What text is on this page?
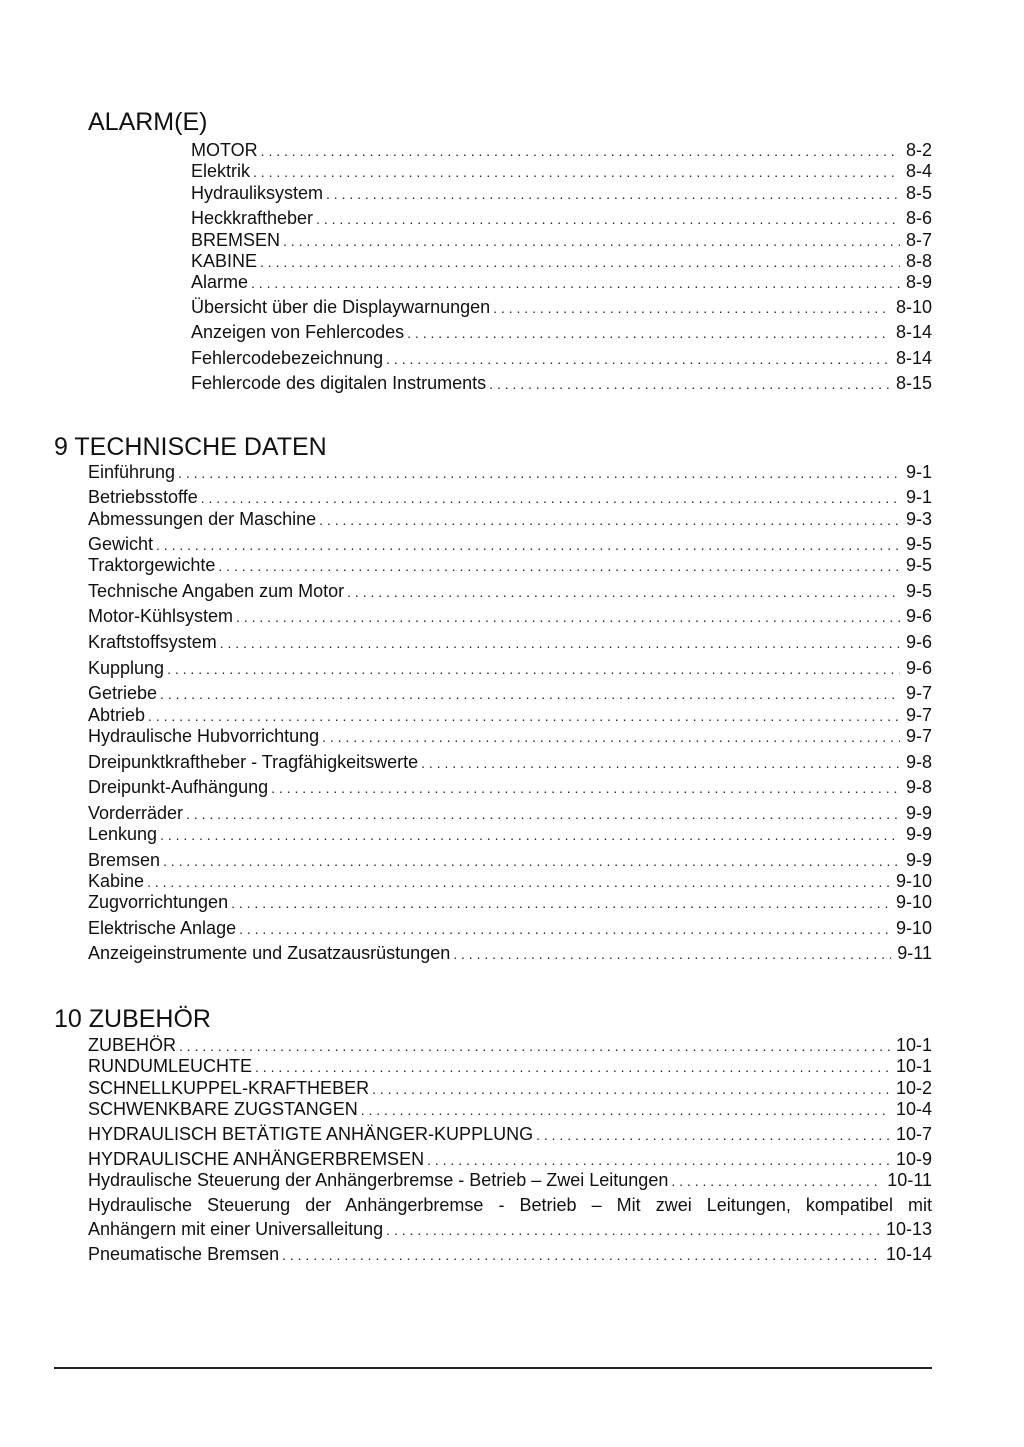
ALARM(E)
MOTOR . . .	8-2
Elektrik . . .	8-4
Hydrauliksystem . . .	8-5
Heckkraftheber . . .	8-6
BREMSEN . . .	8-7
KABINE . . .	8-8
Alarme . . .	8-9
Übersicht über die Displaywarnungen . . .	8-10
Anzeigen von Fehlercodes . . .	8-14
Fehlercodebezeichnung . . .	8-14
Fehlercode des digitalen Instruments . . .	8-15
9 TECHNISCHE DATEN
Einführung . . .	9-1
Betriebsstoffe . . .	9-1
Abmessungen der Maschine . . .	9-3
Gewicht . . .	9-5
Traktorgewichte . . .	9-5
Technische Angaben zum Motor . . .	9-5
Motor-Kühlsystem . . .	9-6
Kraftstoffsystem . . .	9-6
Kupplung . . .	9-6
Getriebe . . .	9-7
Abtrieb . . .	9-7
Hydraulische Hubvorrichtung . . .	9-7
Dreipunktkraftheber - Tragfähigkeitswerte . . .	9-8
Dreipunkt-Aufhängung . . .	9-8
Vorderräder . . .	9-9
Lenkung . . .	9-9
Bremsen . . .	9-9
Kabine . . .	9-10
Zugvorrichtungen . . .	9-10
Elektrische Anlage . . .	9-10
Anzeigeinstrumente und Zusatzausrüstungen . . .	9-11
10 ZUBEHÖR
ZUBEHÖR . . .	10-1
RUNDUMLEUCHTE . . .	10-1
SCHNELLKUPPEL-KRAFTHEBER . . .	10-2
SCHWENKBARE ZUGSTANGEN . . .	10-4
HYDRAULISCH BETÄTIGTE ANHÄNGER-KUPPLUNG . . .	10-7
HYDRAULISCHE ANHÄNGERBREMSEN . . .	10-9
Hydraulische Steuerung der Anhängerbremse - Betrieb – Zwei Leitungen . . .	10-11
Hydraulische Steuerung der Anhängerbremse - Betrieb – Mit zwei Leitungen, kompatibel mit
Anhängern mit einer Universalleitung . . .	10-13
Pneumatische Bremsen . . .	10-14
